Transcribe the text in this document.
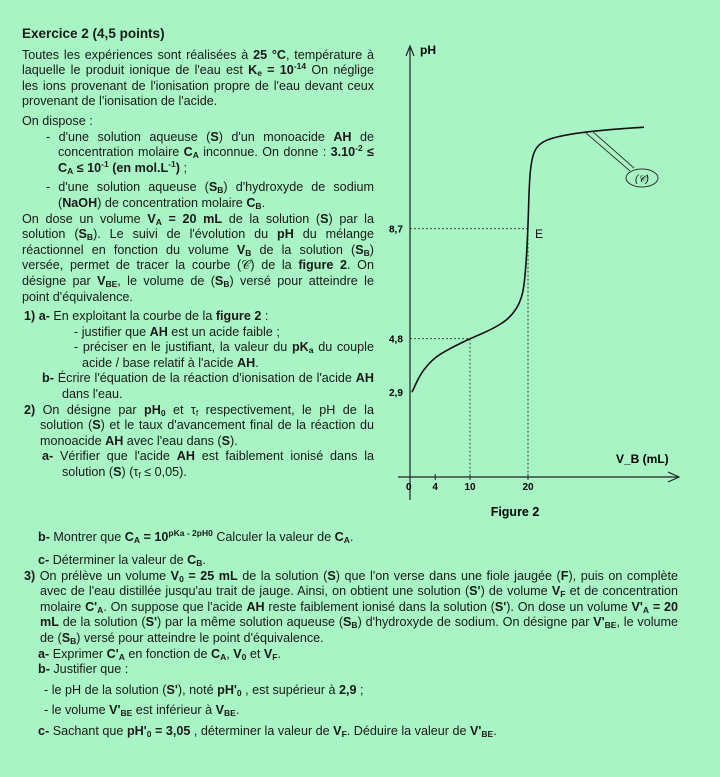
Exercice 2 (4,5 points)

Toutes les expériences sont réalisées à 25 °C, température à laquelle le produit ionique de l'eau est $K_e = 10^{-14}$ On néglige les ions provenant de l'ionisation propre de l'eau devant ceux provenant de l'ionisation de l'acide.

On dispose :

- d'une solution aqueuse (S) d'un monoacide AH de concentration molaire $C_A$ inconnue. On donne : $3.10^{-2} \le C_A \le 10^{-1}$ (en $mol.L^{-1}$) ;

- d'une solution aqueuse $(S_B)$ d'hydroxyde de sodium (NaOH) de concentration molaire $C_B$.

On dose un volume $V_A = 20$ mL de la solution (S) par la solution $(S_B)$. Le suivi de l'évolution du pH du mélange réactionnel en fonction du volume $V_B$ de la solution $(S_B)$ versée, permet de tracer la courbe (𝒞) de la figure 2. On désigne par $V_{BE}$, le volume de $(S_B)$ versé pour atteindre le point d'équivalence.

1) a- En exploitant la courbe de la figure 2 :

- justifier que AH est un acide faible ;

- préciser en le justifiant, la valeur du $pK_a$ du couple acide / base relatif à l'acide AH.

b- Écrire l'équation de la réaction d'ionisation de l'acide AH dans l'eau.

2) On désigne par $pH_0$ et $\tau_f$ respectivement, le pH de la solution (S) et le taux d'avancement final de la réaction du monoacide AH avec l'eau dans (S).

a- Vérifier que l'acide AH est faiblement ionisé dans la solution (S) $(\tau_f \le 0,05)$.

b- Montrer que $C_A = 10^{pKa - 2pH0}$ Calculer la valeur de $C_A$.

c- Déterminer la valeur de $C_B$.

3) On prélève un volume $V_0 = 25$ mL de la solution (S) que l'on verse dans une fiole jaugée (F), puis on complète avec de l'eau distillée jusqu'au trait de jauge. Ainsi, on obtient une solution (S') de volume $V_F$ et de concentration molaire $C'_A$. On suppose que l'acide AH reste faiblement ionisé dans la solution (S'). On dose un volume $V'_A = 20$ mL de la solution (S') par la même solution aqueuse $(S_B)$ d'hydroxyde de sodium. On désigne par $V'_{BE}$, le volume de $(S_B)$ versé pour atteindre le point d'équivalence.

a- Exprimer $C'_A$ en fonction de $C_A$, $V_0$ et $V_F$.

b- Justifier que :

- le pH de la solution (S'), noté $pH'_0$ , est supérieur à 2,9 ;

- le volume $V'_{BE}$ est inférieur à $V_{BE}$.

c- Sachant que $pH'_0 = 3,05$ , déterminer la valeur de $V_F$. Déduire la valeur de $V'_{BE}$.

4	10	20
2,9
4,8
8,7
(𝒞)
Figure 2
pH
V_B (mL)
0
E
